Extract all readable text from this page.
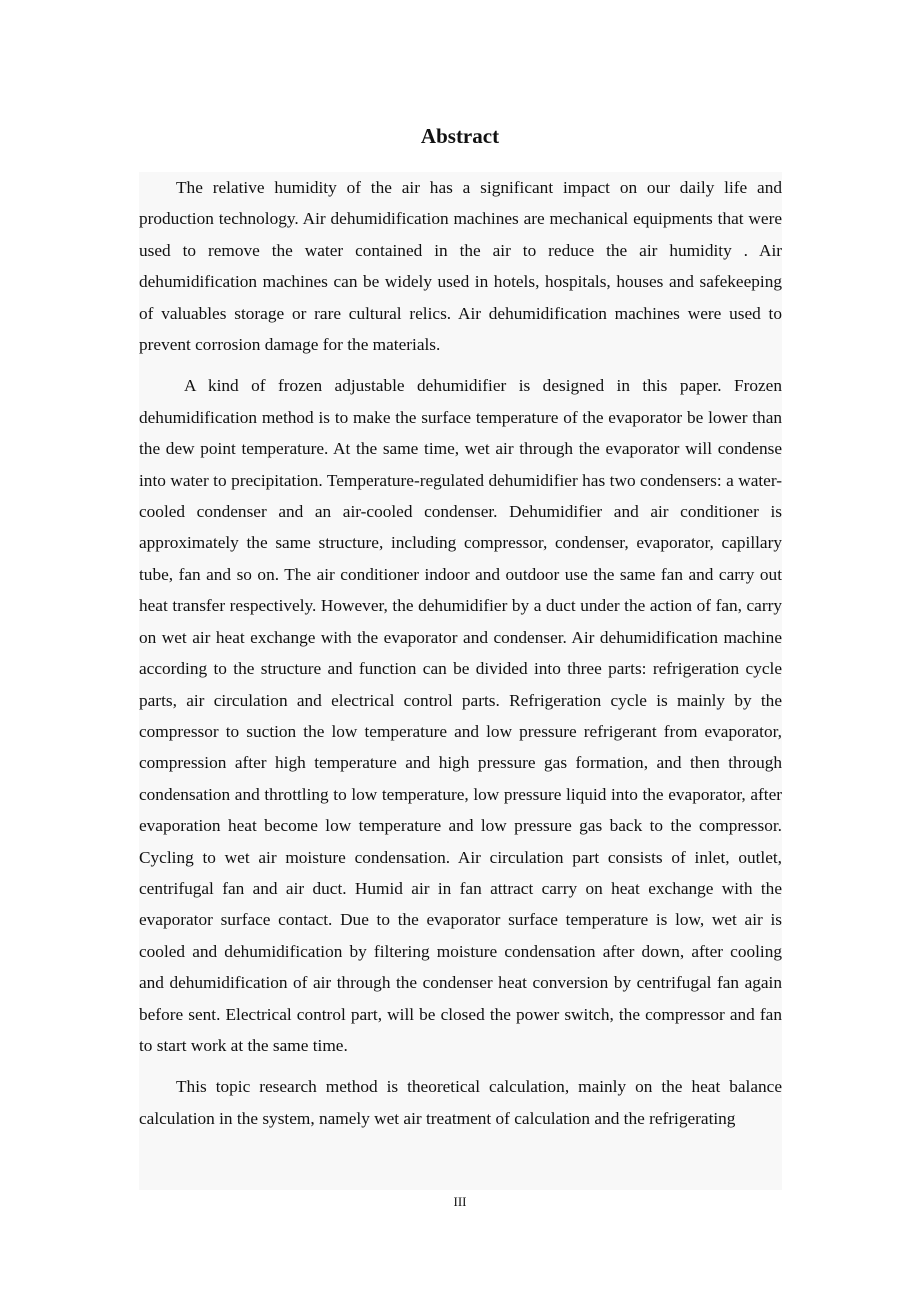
Abstract

The relative humidity of the air has a significant impact on our daily life and production technology. Air dehumidification machines are mechanical equipments that were used to remove the water contained in the air to reduce the air humidity . Air dehumidification machines can be widely used in hotels, hospitals, houses and safekeeping of valuables storage or rare cultural relics. Air dehumidification machines were used to prevent corrosion damage for the materials.

A kind of frozen adjustable dehumidifier is designed in this paper. Frozen dehumidification method is to make the surface temperature of the evaporator be lower than the dew point temperature. At the same time, wet air through the evaporator will condense into water to precipitation. Temperature-regulated dehumidifier has two condensers: a water-cooled condenser and an air-cooled condenser. Dehumidifier and air conditioner is approximately the same structure, including compressor, condenser, evaporator, capillary tube, fan and so on. The air conditioner indoor and outdoor use the same fan and carry out heat transfer respectively. However, the dehumidifier by a duct under the action of fan, carry on wet air heat exchange with the evaporator and condenser. Air dehumidification machine according to the structure and function can be divided into three parts: refrigeration cycle parts, air circulation and electrical control parts. Refrigeration cycle is mainly by the compressor to suction the low temperature and low pressure refrigerant from evaporator, compression after high temperature and high pressure gas formation, and then through condensation and throttling to low temperature, low pressure liquid into the evaporator, after evaporation heat become low temperature and low pressure gas back to the compressor. Cycling to wet air moisture condensation. Air circulation part consists of inlet, outlet, centrifugal fan and air duct. Humid air in fan attract carry on heat exchange with the evaporator surface contact. Due to the evaporator surface temperature is low, wet air is cooled and dehumidification by filtering moisture condensation after down, after cooling and dehumidification of air through the condenser heat conversion by centrifugal fan again before sent. Electrical control part, will be closed the power switch, the compressor and fan to start work at the same time.

This topic research method is theoretical calculation, mainly on the heat balance calculation in the system, namely wet air treatment of calculation and the refrigerating

III
